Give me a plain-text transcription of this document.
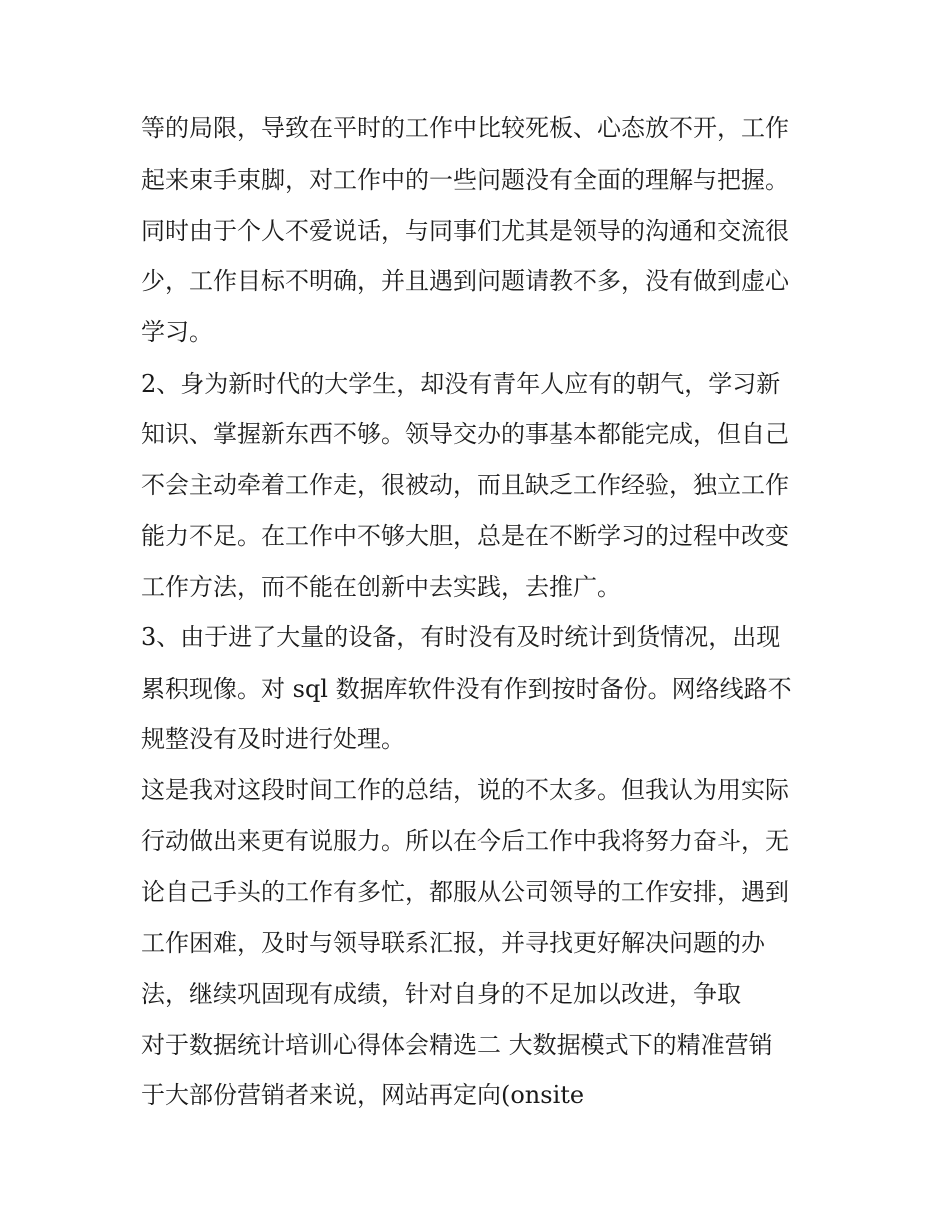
等的局限，导致在平时的工作中比较死板、心态放不开，工作
起来束手束脚，对工作中的一些问题没有全面的理解与把握。
同时由于个人不爱说话，与同事们尤其是领导的沟通和交流很
少，工作目标不明确，并且遇到问题请教不多，没有做到虚心
学习。
2、身为新时代的大学生，却没有青年人应有的朝气，学习新
知识、掌握新东西不够。领导交办的事基本都能完成，但自己
不会主动牵着工作走，很被动，而且缺乏工作经验，独立工作
能力不足。在工作中不够大胆，总是在不断学习的过程中改变
工作方法，而不能在创新中去实践，去推广。
3、由于进了大量的设备，有时没有及时统计到货情况，出现
累积现像。对 sql 数据库软件没有作到按时备份。网络线路不
规整没有及时进行处理。
这是我对这段时间工作的总结，说的不太多。但我认为用实际
行动做出来更有说服力。所以在今后工作中我将努力奋斗，无
论自己手头的工作有多忙，都服从公司领导的工作安排，遇到
工作困难，及时与领导联系汇报，并寻找更好解决问题的办
法，继续巩固现有成绩，针对自身的不足加以改进，争取
对于数据统计培训心得体会精选二 大数据模式下的精准营销
于大部份营销者来说，网站再定向(onsite
